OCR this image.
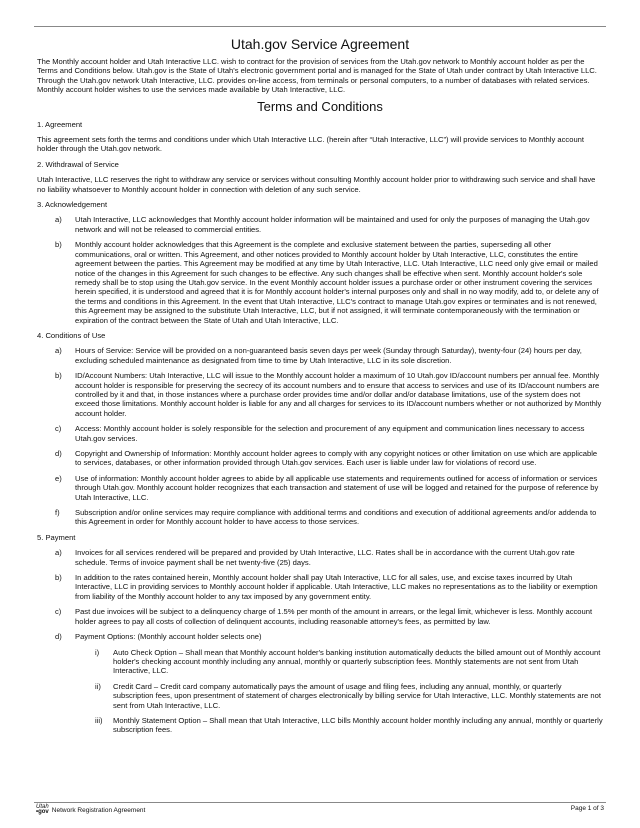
Utah.gov Service Agreement

The Monthly account holder and Utah Interactive LLC. wish to contract for the provision of services from the Utah.gov network to Monthly account holder as per the Terms and Conditions below. Utah.gov is the State of Utah's electronic government portal and is managed for the State of Utah under contract by Utah Interactive LLC. Through the Utah.gov network Utah Interactive, LLC. provides on-line access, from terminals or personal computers, to a number of databases with related services. Monthly account holder wishes to use the services made available by Utah Interactive, LLC.

Terms and Conditions

1. Agreement

This agreement sets forth the terms and conditions under which Utah Interactive LLC. (herein after “Utah Interactive, LLC”) will provide services to Monthly account holder through the Utah.gov network.

2. Withdrawal of Service

Utah Interactive, LLC reserves the right to withdraw any service or services without consulting Monthly account holder prior to withdrawing such service and shall have no liability whatsoever to Monthly account holder in connection with deletion of any such service.

3. Acknowledgement

a)	Utah Interactive, LLC acknowledges that Monthly account holder information will be maintained and used for only the purposes of managing the Utah.gov network and will not be released to commercial entities.
b)	Monthly account holder acknowledges that this Agreement is the complete and exclusive statement between the parties, superseding all other communications, oral or written. This Agreement, and other notices provided to Monthly account holder by Utah Interactive, LLC, constitutes the entire agreement between the parties. This Agreement may be modified at any time by Utah Interactive, LLC. Utah Interactive, LLC need only give email or mailed notice of the changes in this Agreement for such changes to be effective. Any such changes shall be effective when sent. Monthly account holder's sole remedy shall be to stop using the Utah.gov service. In the event Monthly account holder issues a purchase order or other instrument covering the services herein specified, it is understood and agreed that it is for Monthly account holder's internal purposes only and shall in no way modify, add to, or delete any of the terms and conditions in this Agreement. In the event that Utah Interactive, LLC's contract to manage Utah.gov expires or terminates and is not renewed, this Agreement may be assigned to the substitute Utah Interactive, LLC, but if not assigned, it will terminate contemporaneously with the termination or expiration of the contract between the State of Utah and Utah Interactive, LLC.

4. Conditions of Use

a)	Hours of Service: Service will be provided on a non-guaranteed basis seven days per week (Sunday through Saturday), twenty-four (24) hours per day, excluding scheduled maintenance as designated from time to time by Utah Interactive, LLC in its sole discretion.
b)	ID/Account Numbers: Utah Interactive, LLC will issue to the Monthly account holder a maximum of 10 Utah.gov ID/account numbers per annual fee. Monthly account holder is responsible for preserving the secrecy of its account numbers and to ensure that access to services and use of its ID/account numbers are controlled by it and that, in those instances where a purchase order provides time and/or dollar and/or database limitations, use of the system does not exceed those limitations. Monthly account holder is liable for any and all charges for services to its ID/account numbers whether or not authorized by Monthly account holder.
c)	Access: Monthly account holder is solely responsible for the selection and procurement of any equipment and communication lines necessary to access Utah.gov services.
d)	Copyright and Ownership of Information: Monthly account holder agrees to comply with any copyright notices or other limitation on use which are applicable to services, databases, or other information provided through Utah.gov services. Each user is liable under law for violations of record use.
e)	Use of information: Monthly account holder agrees to abide by all applicable use statements and requirements outlined for access of information or services through Utah.gov. Monthly account holder recognizes that each transaction and statement of use will be logged and retained for the purpose of reference by Utah Interactive, LLC.
f)	Subscription and/or online services may require compliance with additional terms and conditions and execution of additional agreements and/or addenda to this Agreement in order for Monthly account holder to have access to those services.

5. Payment

a)	Invoices for all services rendered will be prepared and provided by Utah Interactive, LLC. Rates shall be in accordance with the current Utah.gov rate schedule. Terms of invoice payment shall be net twenty-five (25) days.
b)	In addition to the rates contained herein, Monthly account holder shall pay Utah Interactive, LLC for all sales, use, and excise taxes incurred by Utah Interactive, LLC in providing services to Monthly account holder if applicable. Utah Interactive, LLC makes no representations as to the liability or exemption from liability of the Monthly account holder to any tax imposed by any government entity.
c)	Past due invoices will be subject to a delinquency charge of 1.5% per month of the amount in arrears, or the legal limit, whichever is less. Monthly account holder agrees to pay all costs of collection of delinquent accounts, including reasonable attorney's fees, as permitted by law.
d)	Payment Options: (Monthly account holder selects one)
i)	Auto Check Option – Shall mean that Monthly account holder's banking institution automatically deducts the billed amount out of Monthly account holder's checking account monthly including any annual, monthly or quarterly subscription fees. Monthly statements are not sent from Utah Interactive, LLC.
ii)	Credit Card – Credit card company automatically pays the amount of usage and filing fees, including any annual, monthly, or quarterly subscription fees, upon presentment of statement of charges electronically by billing service for Utah Interactive, LLC. Monthly statements are not sent from Utah Interactive, LLC.
iii)	Monthly Statement Option – Shall mean that Utah Interactive, LLC bills Monthly account holder monthly including any annual, monthly or quarterly subscription fees.
Utah
•gov Network Registration Agreement	Page 1 of 3
